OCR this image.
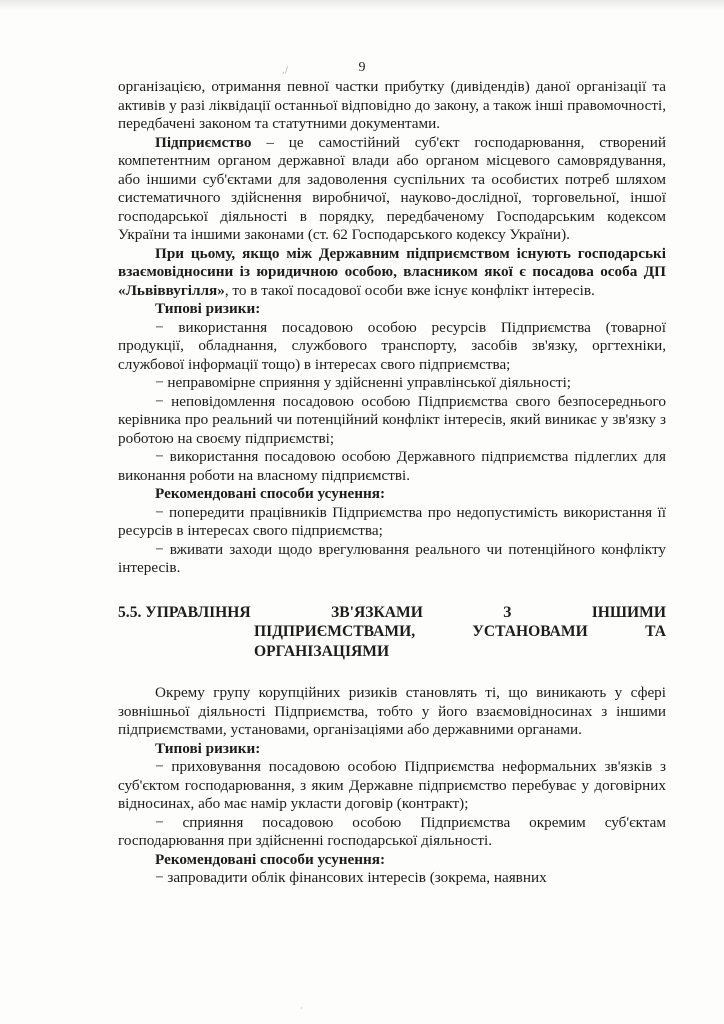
,/
·
9

організацією, отримання певної частки прибутку (дивідендів) даної організації та активів у разі ліквідації останньої відповідно до закону, а також інші правомочності, передбачені законом та статутними документами.

Підприємство – це самостійний суб'єкт господарювання, створений компетентним органом державної влади або органом місцевого самоврядування, або іншими суб'єктами для задоволення суспільних та особистих потреб шляхом систематичного здійснення виробничої, науково-дослідної, торговельної, іншої господарської діяльності в порядку, передбаченому Господарським кодексом України та іншими законами (ст. 62 Господарського кодексу України).

При цьому, якщо між Державним підприємством існують господарські взаємовідносини із юридичною особою, власником якої є посадова особа ДП «Львіввугілля», то в такої посадової особи вже існує конфлікт інтересів.

Типові ризики:

− використання посадовою особою ресурсів Підприємства (товарної продукції, обладнання, службового транспорту, засобів зв'язку, оргтехніки, службової інформації тощо) в інтересах свого підприємства;

− неправомірне сприяння у здійсненні управлінської діяльності;

− неповідомлення посадовою особою Підприємства свого безпосереднього керівника про реальний чи потенційний конфлікт інтересів, який виникає у зв'язку з роботою на своєму підприємстві;

− використання посадовою особою Державного підприємства підлеглих для виконання роботи на власному підприємстві.

Рекомендовані способи усунення:

− попередити працівників Підприємства про недопустимість використання її ресурсів в інтересах свого підприємства;

− вживати заходи щодо врегулювання реального чи потенційного конфлікту інтересів.

5.5. УПРАВЛІННЯ	ЗВ'ЯЗКАМИ	З	ІНШИМИ
ПІДПРИЄМСТВАМИ,	УСТАНОВАМИ	ТА
ОРГАНІЗАЦІЯМИ

Окрему групу корупційних ризиків становлять ті, що виникають у сфері зовнішньої діяльності Підприємства, тобто у його взаємовідносинах з іншими підприємствами, установами, організаціями або державними органами.

Типові ризики:

− приховування посадовою особою Підприємства неформальних зв'язків з суб'єктом господарювання, з яким Державне підприємство перебуває у договірних відносинах, або має намір укласти договір (контракт);

− сприяння посадовою особою Підприємства окремим суб'єктам господарювання при здійсненні господарської діяльності.

Рекомендовані способи усунення:

− запровадити облік фінансових інтересів (зокрема, наявних
